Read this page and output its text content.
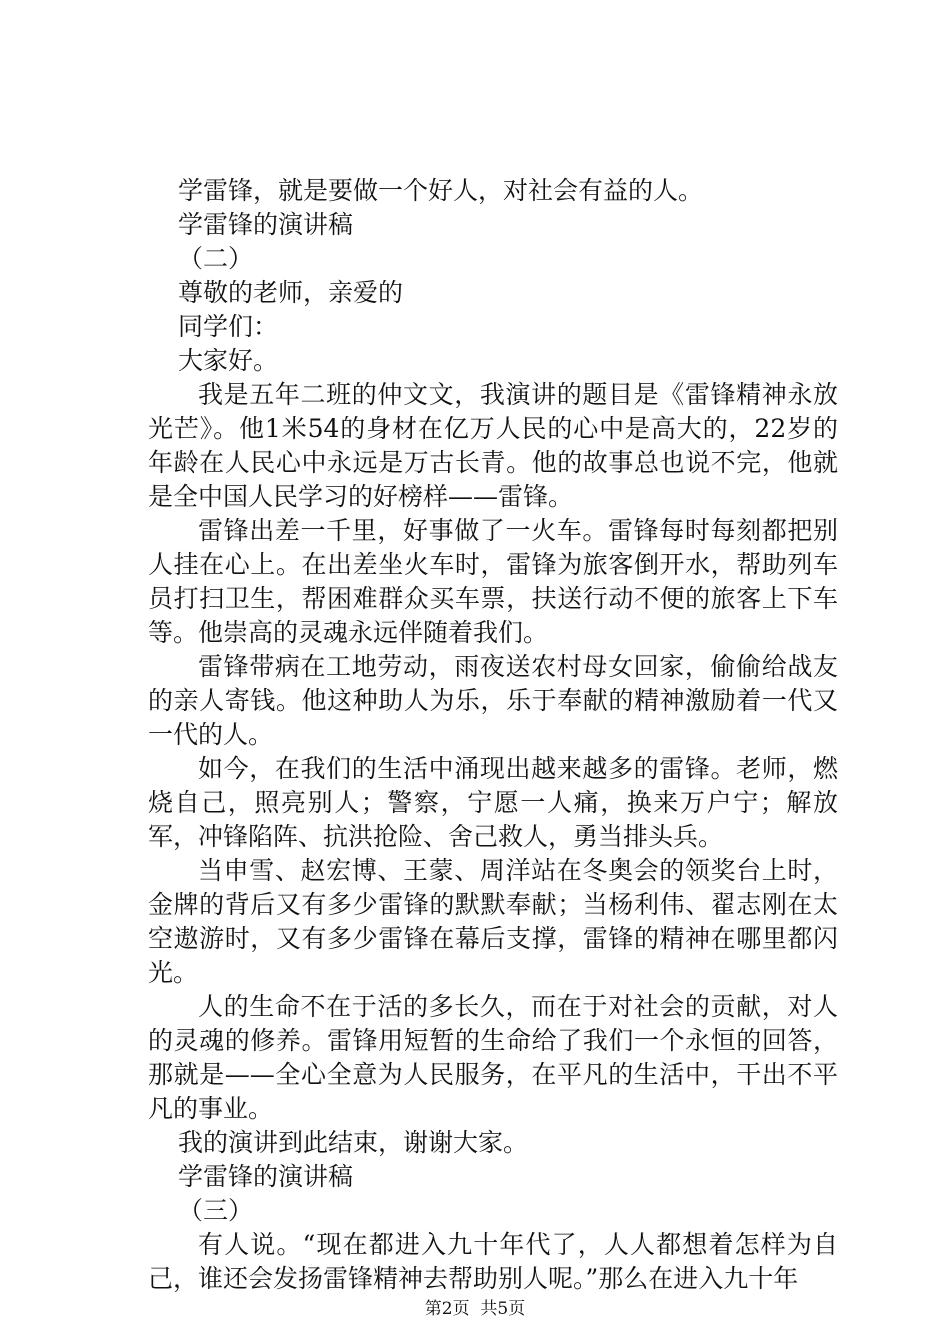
学雷锋，就是要做一个好人，对社会有益的人。

学雷锋的演讲稿

（二）

尊敬的老师，亲爱的

同学们：

大家好。

我是五年二班的仲文文，我演讲的题目是《雷锋精神永放光芒》。他1米54的身材在亿万人民的心中是高大的，22岁的年龄在人民心中永远是万古长青。他的故事总也说不完，他就是全中国人民学习的好榜样——雷锋。

雷锋出差一千里，好事做了一火车。雷锋每时每刻都把别人挂在心上。在出差坐火车时，雷锋为旅客倒开水，帮助列车员打扫卫生，帮困难群众买车票，扶送行动不便的旅客上下车等。他崇高的灵魂永远伴随着我们。

雷锋带病在工地劳动，雨夜送农村母女回家，偷偷给战友的亲人寄钱。他这种助人为乐，乐于奉献的精神激励着一代又一代的人。

如今，在我们的生活中涌现出越来越多的雷锋。老师，燃烧自己，照亮别人；警察，宁愿一人痛，换来万户宁；解放军，冲锋陷阵、抗洪抢险、舍己救人，勇当排头兵。

当申雪、赵宏博、王蒙、周洋站在冬奥会的领奖台上时，金牌的背后又有多少雷锋的默默奉献；当杨利伟、翟志刚在太空遨游时，又有多少雷锋在幕后支撑，雷锋的精神在哪里都闪光。

人的生命不在于活的多长久，而在于对社会的贡献，对人的灵魂的修养。雷锋用短暂的生命给了我们一个永恒的回答，那就是——全心全意为人民服务，在平凡的生活中，干出不平凡的事业。

我的演讲到此结束，谢谢大家。

学雷锋的演讲稿

（三）

有人说。“现在都进入九十年代了，人人都想着怎样为自己，谁还会发扬雷锋精神去帮助别人呢。”那么在进入九十年

第2页  共5页
